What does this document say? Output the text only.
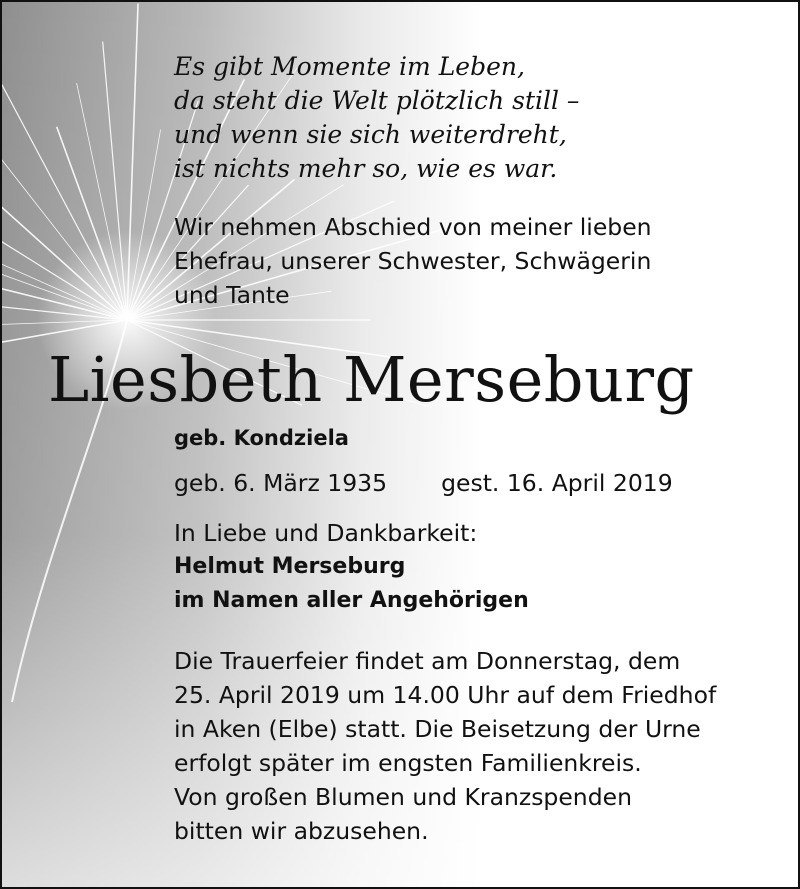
Es gibt Momente im Leben,
da steht die Welt plötzlich still –
und wenn sie sich weiterdreht,
ist nichts mehr so, wie es war.
Wir nehmen Abschied von meiner lieben
Ehefrau, unserer Schwester, Schwägerin
und Tante
Liesbeth Merseburg
geb. Kondziela
geb. 6. März 1935 gest. 16. April 2019
In Liebe und Dankbarkeit:
Helmut Merseburg
im Namen aller Angehörigen
Die Trauerfeier findet am Donnerstag, dem
25. April 2019 um 14.00 Uhr auf dem Friedhof
in Aken (Elbe) statt. Die Beisetzung der Urne
erfolgt später im engsten Familienkreis.
Von großen Blumen und Kranzspenden
bitten wir abzusehen.
